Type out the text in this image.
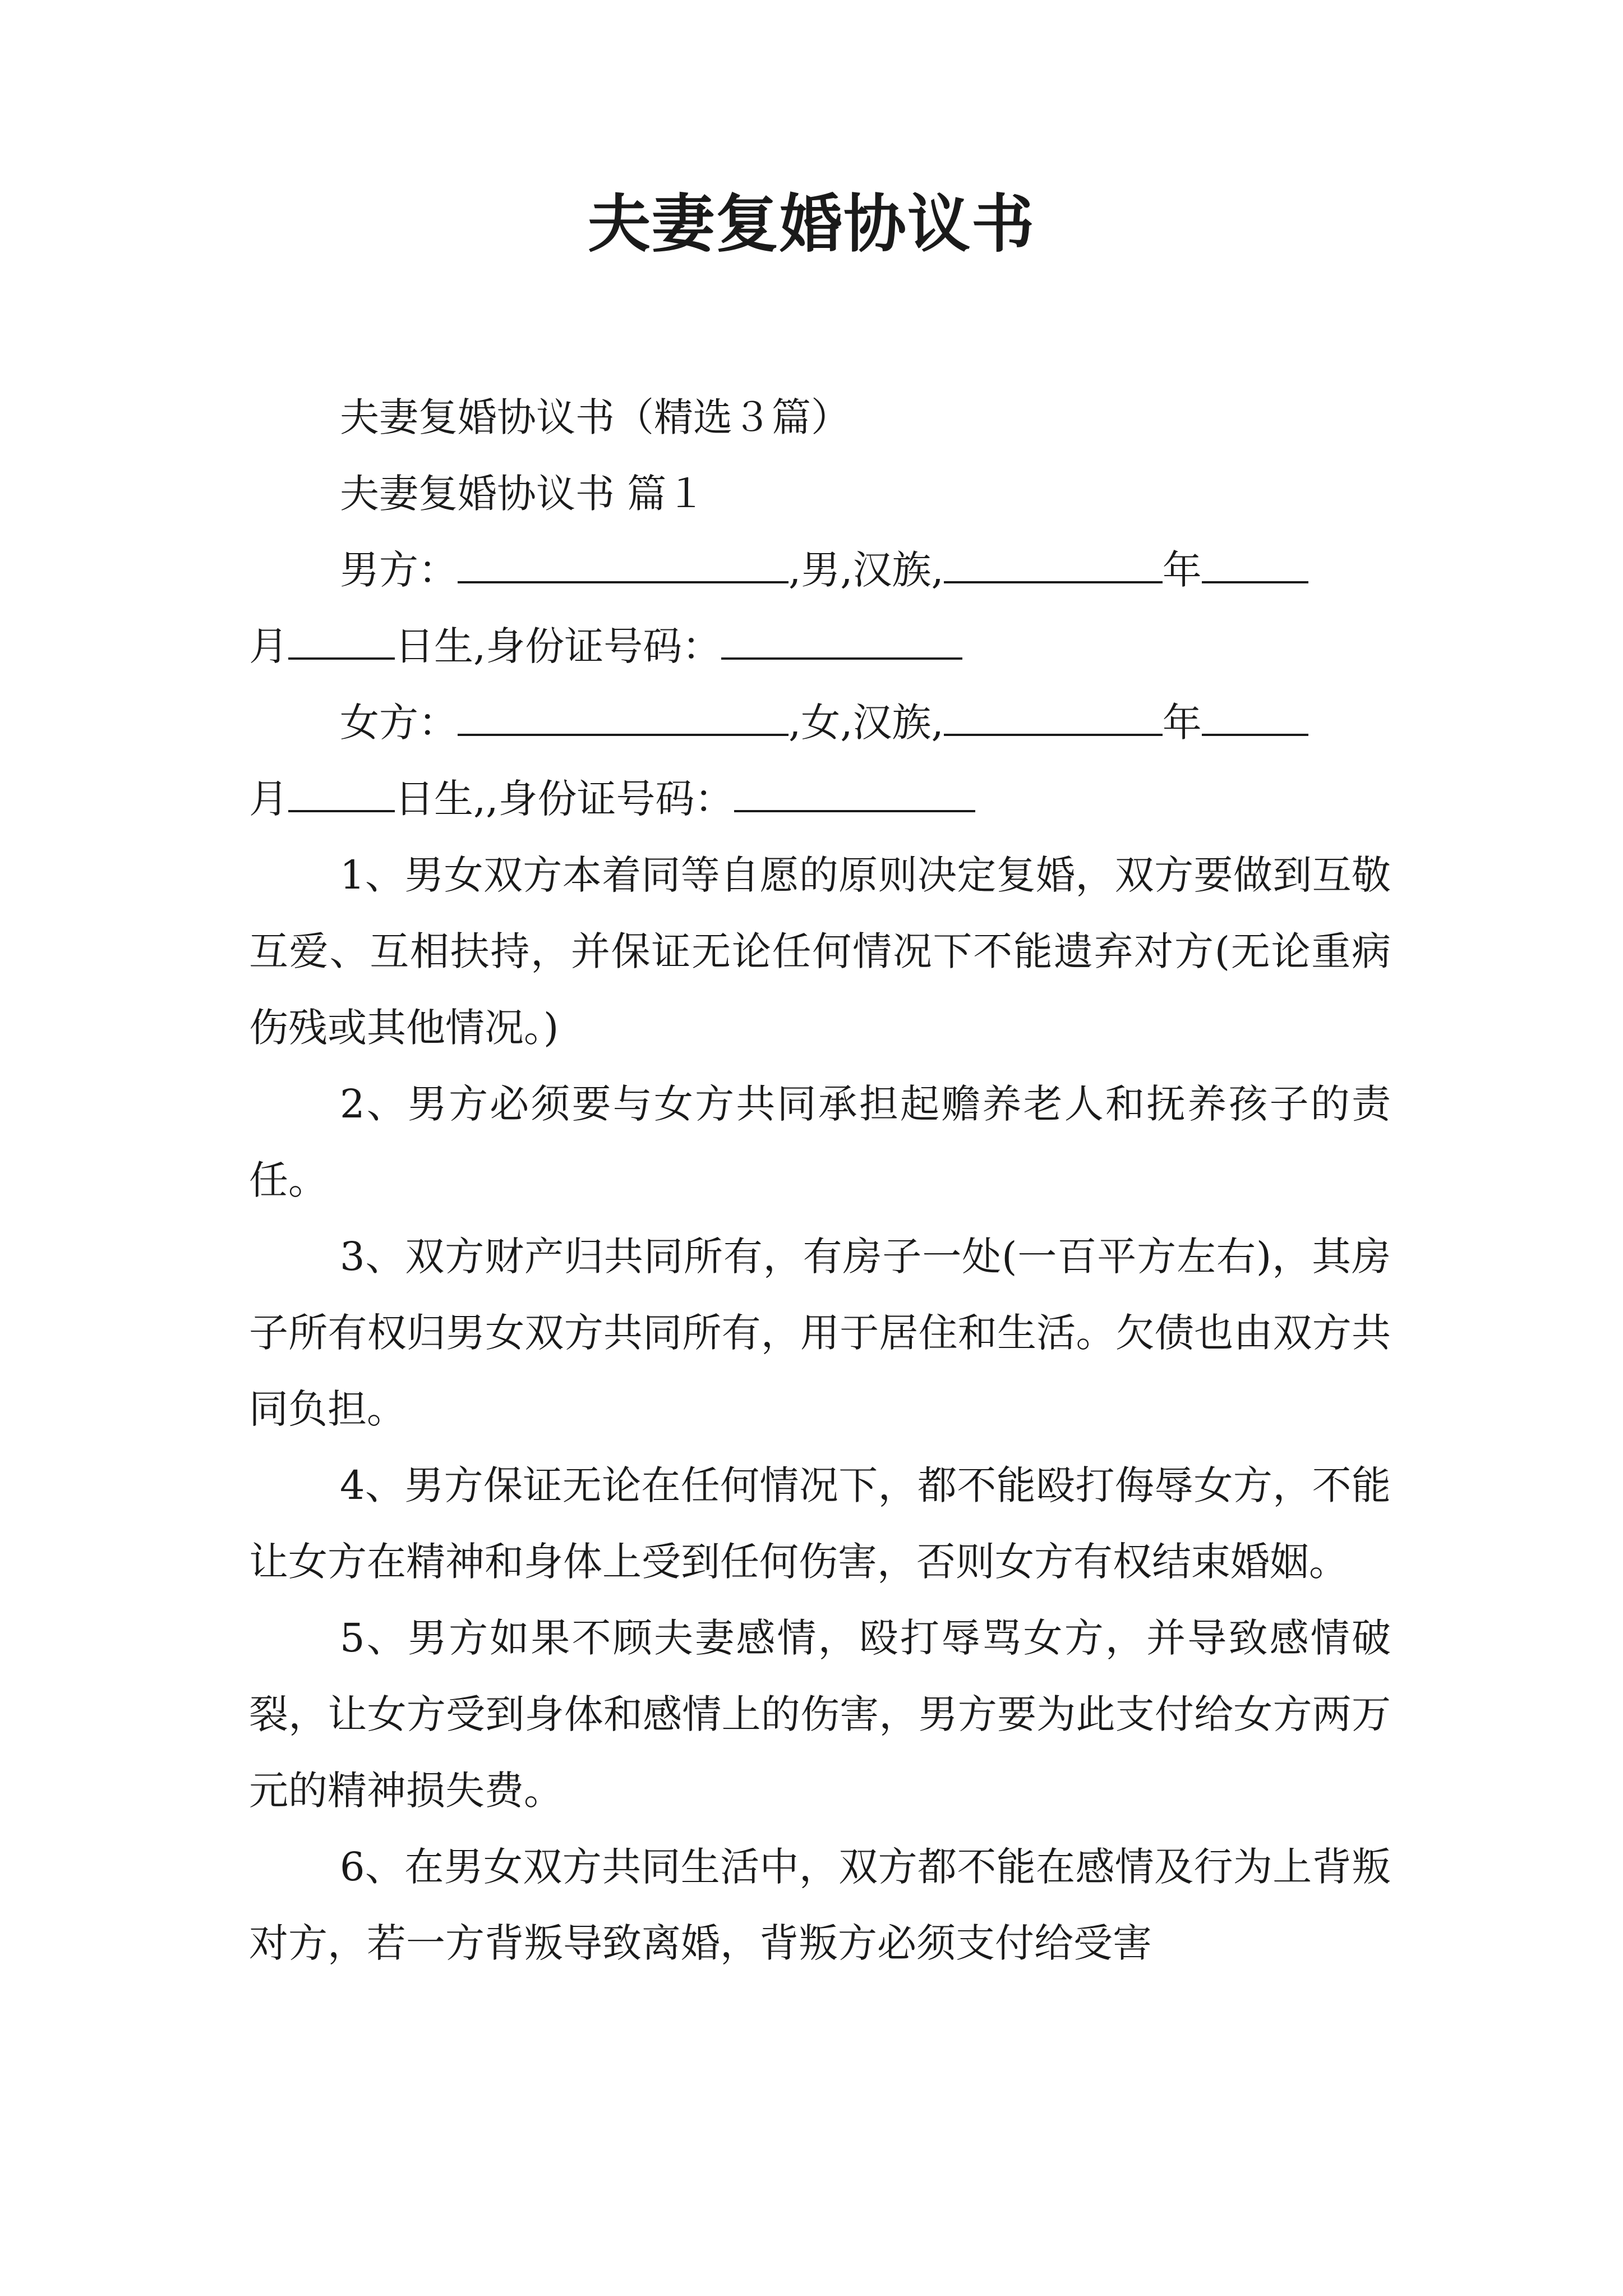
夫妻复婚协议书

夫妻复婚协议书（精选３篇）

夫妻复婚协议书 篇１

男方：	,男,汉族,	年
月	日生,身份证号码：

女方：	,女,汉族,	年
月	日生,,身份证号码：

1、男女双方本着同等自愿的原则决定复婚，双方要做到互敬互爱、互相扶持，并保证无论任何情况下不能遗弃对方(无论重病伤残或其他情况。)

2、男方必须要与女方共同承担起赡养老人和抚养孩子的责任。

3、双方财产归共同所有，有房子一处(一百平方左右)，其房子所有权归男女双方共同所有，用于居住和生活。欠债也由双方共同负担。

4、男方保证无论在任何情况下，都不能殴打侮辱女方，不能让女方在精神和身体上受到任何伤害，否则女方有权结束婚姻。

5、男方如果不顾夫妻感情，殴打辱骂女方，并导致感情破裂，让女方受到身体和感情上的伤害，男方要为此支付给女方两万元的精神损失费。

6、在男女双方共同生活中，双方都不能在感情及行为上背叛对方，若一方背叛导致离婚，背叛方必须支付给受害
